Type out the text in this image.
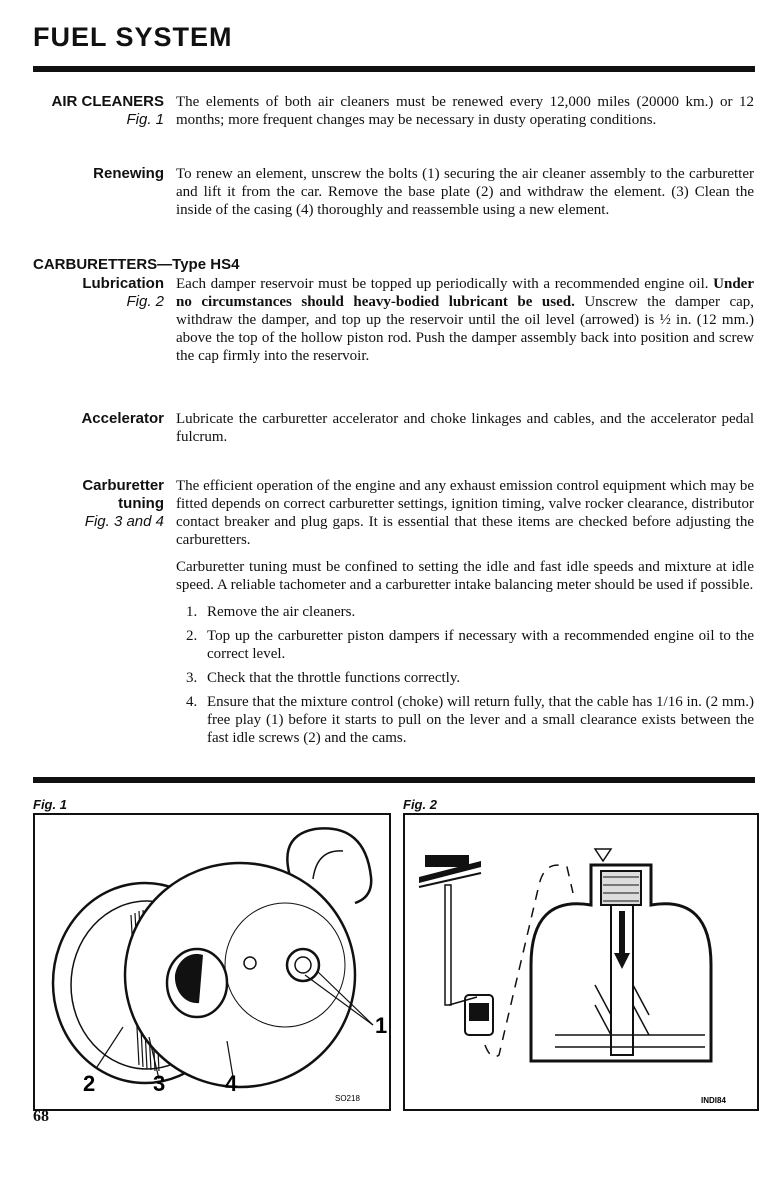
FUEL SYSTEM
AIR CLEANERS
Fig. 1

The elements of both air cleaners must be renewed every 12,000 miles (20000 km.) or 12 months; more frequent changes may be necessary in dusty operating conditions.

Renewing To renew an element, unscrew the bolts (1) securing the air cleaner assembly to the carburetter and lift it from the car. Remove the base plate (2) and withdraw the element. (3) Clean the inside of the casing (4) thoroughly and reassemble using a new element.

CARBURETTERS—Type HS4
Lubrication
Fig. 2

Each damper reservoir must be topped up periodically with a recommended engine oil. Under no circumstances should heavy-bodied lubricant be used. Unscrew the damper cap, withdraw the damper, and top up the reservoir until the oil level (arrowed) is ½ in. (12 mm.) above the top of the hollow piston rod. Push the damper assembly back into position and screw the cap firmly into the reservoir.

Accelerator Lubricate the carburetter accelerator and choke linkages and cables, and the accelerator pedal fulcrum.

Carburetter
tuning
Fig. 3 and 4

The efficient operation of the engine and any exhaust emission control equipment which may be fitted depends on correct carburetter settings, ignition timing, valve rocker clearance, distributor contact breaker and plug gaps. It is essential that these items are checked before adjusting the carburetters.

Carburetter tuning must be confined to setting the idle and fast idle speeds and mixture at idle speed. A reliable tachometer and a carburetter intake balancing meter should be used if possible.

1. Remove the air cleaners.
2. Top up the carburetter piston dampers if necessary with a recommended engine oil to the correct level.
3. Check that the throttle functions correctly.
4. Ensure that the mixture control (choke) will return fully, that the cable has 1/16 in. (2 mm.) free play (1) before it starts to pull on the lever and a small clearance exists between the fast idle screws (2) and the cams.
Fig. 1	Fig. 2
1
2	3	4
SO218	INDI84
68
